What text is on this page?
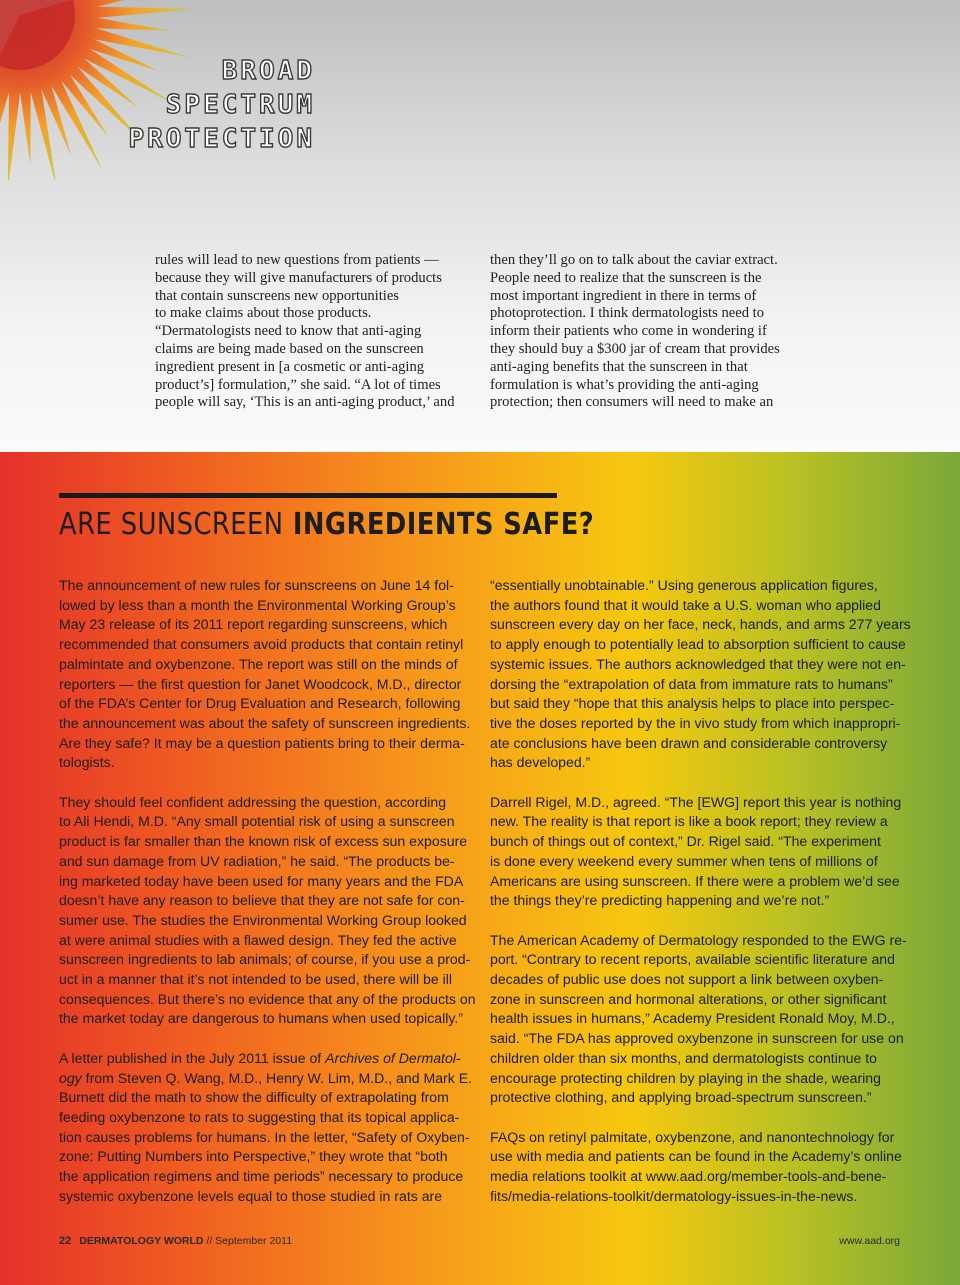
BROAD
SPECTRUM
PROTECTION

rules will lead to new questions from patients —

because they will give manufacturers of products

that contain sunscreens new opportunities

to make claims about those products.

“Dermatologists need to know that anti-aging

claims are being made based on the sunscreen

ingredient present in [a cosmetic or anti-aging

product’s] formulation,” she said. “A lot of times

people will say, ‘This is an anti-aging product,’ and

then they’ll go on to talk about the caviar extract.

People need to realize that the sunscreen is the

most important ingredient in there in terms of

photoprotection. I think dermatologists need to

inform their patients who come in wondering if

they should buy a $300 jar of cream that provides

anti-aging benefits that the sunscreen in that

formulation is what’s providing the anti-aging

protection; then consumers will need to make an

ARE SUNSCREEN INGREDIENTS SAFE?
The announcement of new rules for sunscreens on June 14 fol-
lowed by less than a month the Environmental Working Group’s
May 23 release of its 2011 report regarding sunscreens, which
recommended that consumers avoid products that contain retinyl
palmintate and oxybenzone. The report was still on the minds of
reporters — the first question for Janet Woodcock, M.D., director
of the FDA’s Center for Drug Evaluation and Research, following
the announcement was about the safety of sunscreen ingredients.
Are they safe? It may be a question patients bring to their derma-
tologists.
They should feel confident addressing the question, according
to Ali Hendi, M.D. “Any small potential risk of using a sunscreen
product is far smaller than the known risk of excess sun exposure
and sun damage from UV radiation,” he said. “The products be-
ing marketed today have been used for many years and the FDA
doesn’t have any reason to believe that they are not safe for con-
sumer use. The studies the Environmental Working Group looked
at were animal studies with a flawed design. They fed the active
sunscreen ingredients to lab animals; of course, if you use a prod-
uct in a manner that it’s not intended to be used, there will be ill
consequences. But there’s no evidence that any of the products on
the market today are dangerous to humans when used topically.”
A letter published in the July 2011 issue of Archives of Dermatol-
ogy from Steven Q. Wang, M.D., Henry W. Lim, M.D., and Mark E.
Burnett did the math to show the difficulty of extrapolating from
feeding oxybenzone to rats to suggesting that its topical applica-
tion causes problems for humans. In the letter, “Safety of Oxyben-
zone: Putting Numbers into Perspective,” they wrote that “both
the application regimens and time periods” necessary to produce
systemic oxybenzone levels equal to those studied in rats are
“essentially unobtainable.” Using generous application figures,
the authors found that it would take a U.S. woman who applied
sunscreen every day on her face, neck, hands, and arms 277 years
to apply enough to potentially lead to absorption sufficient to cause
systemic issues. The authors acknowledged that they were not en-
dorsing the “extrapolation of data from immature rats to humans”
but said they “hope that this analysis helps to place into perspec-
tive the doses reported by the in vivo study from which inappropri-
ate conclusions have been drawn and considerable controversy
has developed.”
Darrell Rigel, M.D., agreed. “The [EWG] report this year is nothing
new. The reality is that report is like a book report; they review a
bunch of things out of context,” Dr. Rigel said. “The experiment
is done every weekend every summer when tens of millions of
Americans are using sunscreen. If there were a problem we’d see
the things they’re predicting happening and we’re not.”
The American Academy of Dermatology responded to the EWG re-
port. “Contrary to recent reports, available scientific literature and
decades of public use does not support a link between oxyben-
zone in sunscreen and hormonal alterations, or other significant
health issues in humans,” Academy President Ronald Moy, M.D.,
said. “The FDA has approved oxybenzone in sunscreen for use on
children older than six months, and dermatologists continue to
encourage protecting children by playing in the shade, wearing
protective clothing, and applying broad-spectrum sunscreen.”
FAQs on retinyl palmitate, oxybenzone, and nanontechnology for
use with media and patients can be found in the Academy’s online
media relations toolkit at www.aad.org/member-tools-and-bene-
fits/media-relations-toolkit/dermatology-issues-in-the-news.
22 DERMATOLOGY WORLD // September 2011	www.aad.org
